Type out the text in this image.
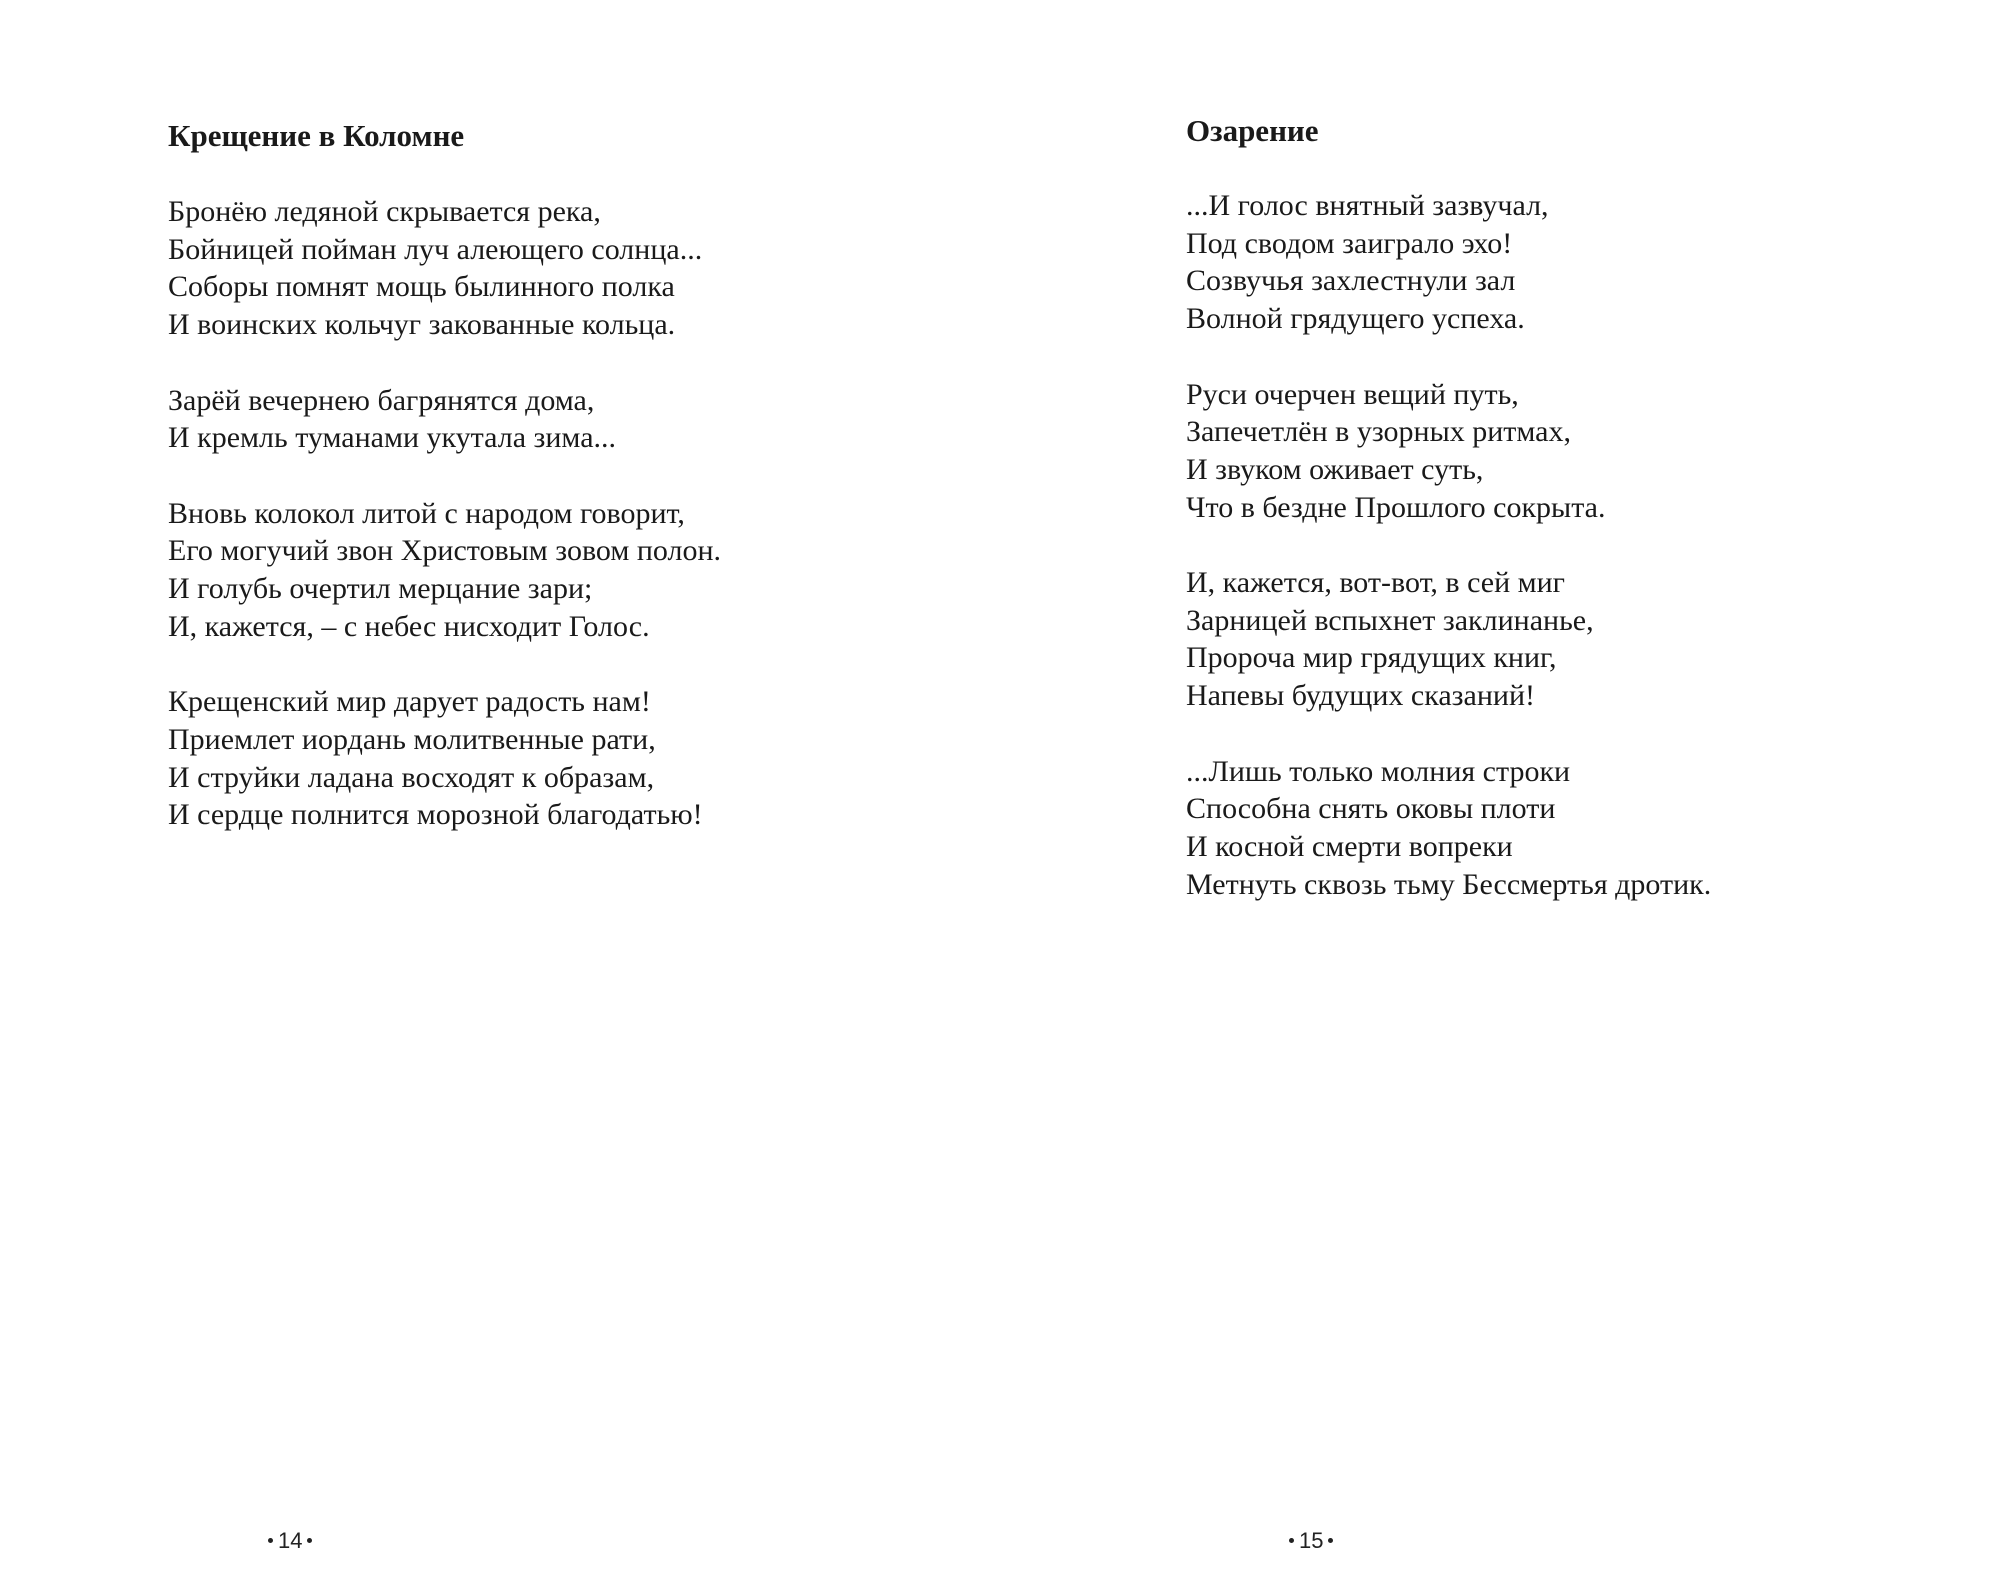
Крещение в Коломне

Бронёю ледяной скрывается река,
Бойницей пойман луч алеющего солнца...
Соборы помнят мощь былинного полка
И воинских кольчуг закованные кольца.

Зарёй вечернею багрянятся дома,
И кремль туманами укутала зима...

Вновь колокол литой с народом говорит,
Его могучий звон Христовым зовом полон.
И голубь очертил мерцание зари;
И, кажется, – с небес нисходит Голос.

Крещенский мир дарует радость нам!
Приемлет иордань молитвенные рати,
И струйки ладана восходят к образам,
И сердце полнится морозной благодатью!

14
Озарение

...И голос внятный зазвучал,
Под сводом заиграло эхо!
Созвучья захлестнули зал
Волной грядущего успеха.

Руси очерчен вещий путь,
Запечетлён в узорных ритмах,
И звуком оживает суть,
Что в бездне Прошлого сокрыта.

И, кажется, вот-вот, в сей миг
Зарницей вспыхнет заклинанье,
Пророча мир грядущих книг,
Напевы будущих сказаний!

...Лишь только молния строки
Способна снять оковы плоти
И косной смерти вопреки
Метнуть сквозь тьму Бессмертья дротик.

15
